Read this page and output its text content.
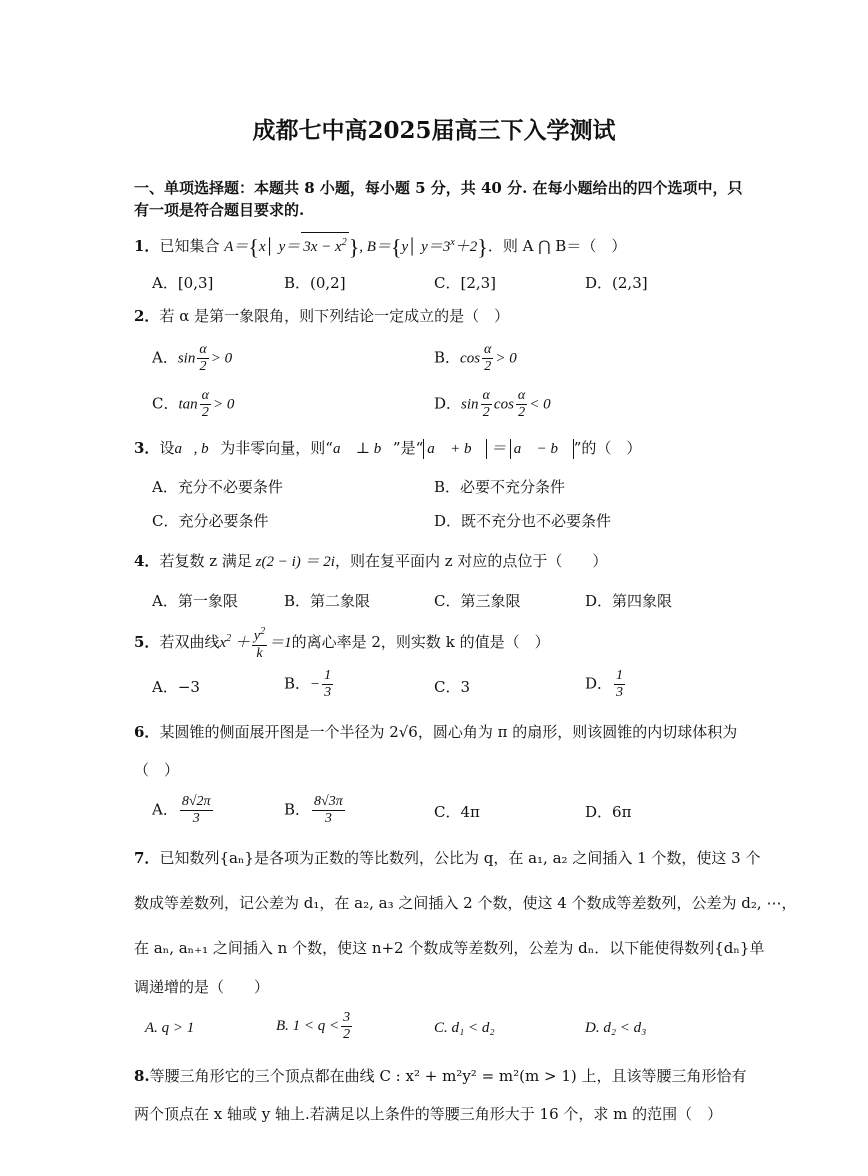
成都七中高2025届高三下入学测试
一、单项选择题：本题共 8 小题，每小题 5 分，共 40 分. 在每小题给出的四个选项中，只
有一项是符合题目要求的.
1．已知集合 A＝{x│ $y= 3x - x^2$}, B＝{y│ $y=3^x+2$}．则 A ⋂ B＝（　）
A．[0,3]	B．(0,2]	C．[2,3]	D．(2,3]
2．若 α 是第一象限角，则下列结论一定成立的是（　）
A．$\sin \frac{\alpha}{2} > 0$	B．$\cos \frac{\alpha}{2} > 0$
C．$\tan \frac{\alpha}{2} > 0$	D．$\sin \frac{\alpha}{2}$ $\cos \frac{\alpha}{2} < 0$
3．设a⃗, b⃗为非零向量，则“a⃗ ⊥ b⃗”是“ a⃗ + b⃗ ＝ a⃗ − b⃗ ”的（　）
A．充分不必要条件	B．必要不充分条件
C．充分必要条件	D．既不充分也不必要条件
4．若复数 z 满足 z(2 − i) ＝ 2i，则在复平面内 z 对应的点位于（　　）
A．第一象限	B．第二象限	C．第三象限	D．第四象限
5．若双曲线$x^2 + \frac{y^2}{k} =1$的离心率是 2，则实数 k 的值是（　）
A．−3	B．− $\frac{1}{3}$	C．3	D． $\frac{1}{3}$
6．某圆锥的侧面展开图是一个半径为 2√6，圆心角为 π 的扇形，则该圆锥的内切球体积为
（　）
A． $\frac{8√2\pi}{3}$	B． $\frac{8√3\pi}{3}$	C．4π	D．6π
7．已知数列{aₙ}是各项为正数的等比数列，公比为 q，在 a₁, a₂ 之间插入 1 个数，使这 3 个
数成等差数列，记公差为 d₁，在 a₂, a₃ 之间插入 2 个数，使这 4 个数成等差数列，公差为 d₂, ⋯，
在 aₙ, aₙ₊₁ 之间插入 n 个数，使这 n+2 个数成等差数列，公差为 dₙ．以下能使得数列{dₙ}单
调递增的是（　　）
A. q > 1	B. $1 < q < \frac{3}{2}$	C. d₁ < d₂	D. d₂ < d₃
8.等腰三角形它的三个顶点都在曲线 C : x² + m²y² = m²(m > 1) 上，且该等腰三角形恰有
两个顶点在 x 轴或 y 轴上.若满足以上条件的等腰三角形大于 16 个，求 m 的范围（　）
